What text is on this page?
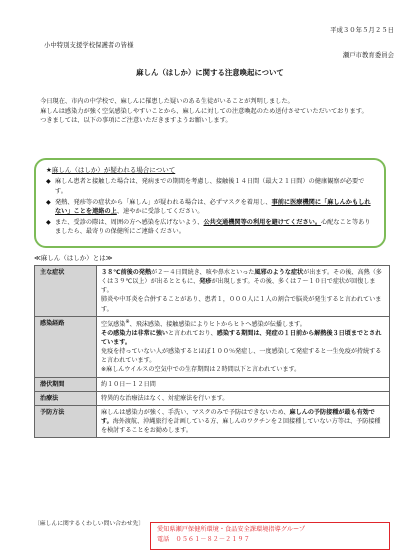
平成３０年５月２５日
小中特別支援学校保護者の皆様
瀬戸市教育委員会
麻しん（はしか）に関する注意喚起について

今日現在、市内の中学校で、麻しんに罹患した疑いのある生徒がいることが判明しました。

麻しんは感染力が強く空気感染しやすいことから、麻しんに対しての注意喚起のため送付させていただいております。

つきましては、以下の事項にご注意いただきますようお願いします。

★麻しん（はしか）が疑われる場合について
◆ 麻しん患者と接触した場合は、発病までの期間を考慮し、接触後１４日間（最大２１日間）の健康観察が必要です。
◆ 発熱、発疹等の症状から「麻しん」が疑われる場合は、必ずマスクを着用し、事前に医療機関に「麻しんかもしれない」ことを連絡の上、速やかに受診してください。
◆ また、受診の際は、周囲の方へ感染を広げないよう、公共交通機関等の利用を避けてください。心配なこと等ありましたら、最寄りの保健所にご連絡ください。
≪麻しん（はしか）とは≫
主な症状	３８℃前後の発熱が２～４日間続き、咳や鼻水といった風邪のような症状が出ます。その後、高熱（多くは３９℃以上）が出るとともに、発疹が出現します。その後、多くは７～１０日で症状が回復します。
肺炎や中耳炎を合併することがあり、患者１，０００人に１人の割合で脳炎が発生すると言われています。
感染経路	空気感染※、飛沫感染、接触感染によりヒトからヒトへ感染が伝播します。
その感染力は非常に強いと言われており、感染する期間は、発症の１日前から解熱後３日頃までとされています。
免疫を持っていない人が感染するとほぼ１００％発症し、一度感染して発症すると一生免疫が持続すると言われています。
※麻しんウイルスの空気中での生存期間は２時間以下と言われています。
潜伏期間	約１０日～１２日間
治療法	特異的な治療法はなく、対症療法を行います。
予防方法	麻しんは感染力が強く、手洗い、マスクのみで予防はできないため、麻しんの予防接種が最も有効です。海外渡航、沖縄旅行を計画している方、麻しんのワクチンを２回接種していない方等は、予防接種を検討することをお勧めします。
〔麻しんに関するくわしい問い合わせ先〕
愛知県瀬戸保健所環境・食品安全課環境指導グループ
電話　０５６１－８２－２１９７
